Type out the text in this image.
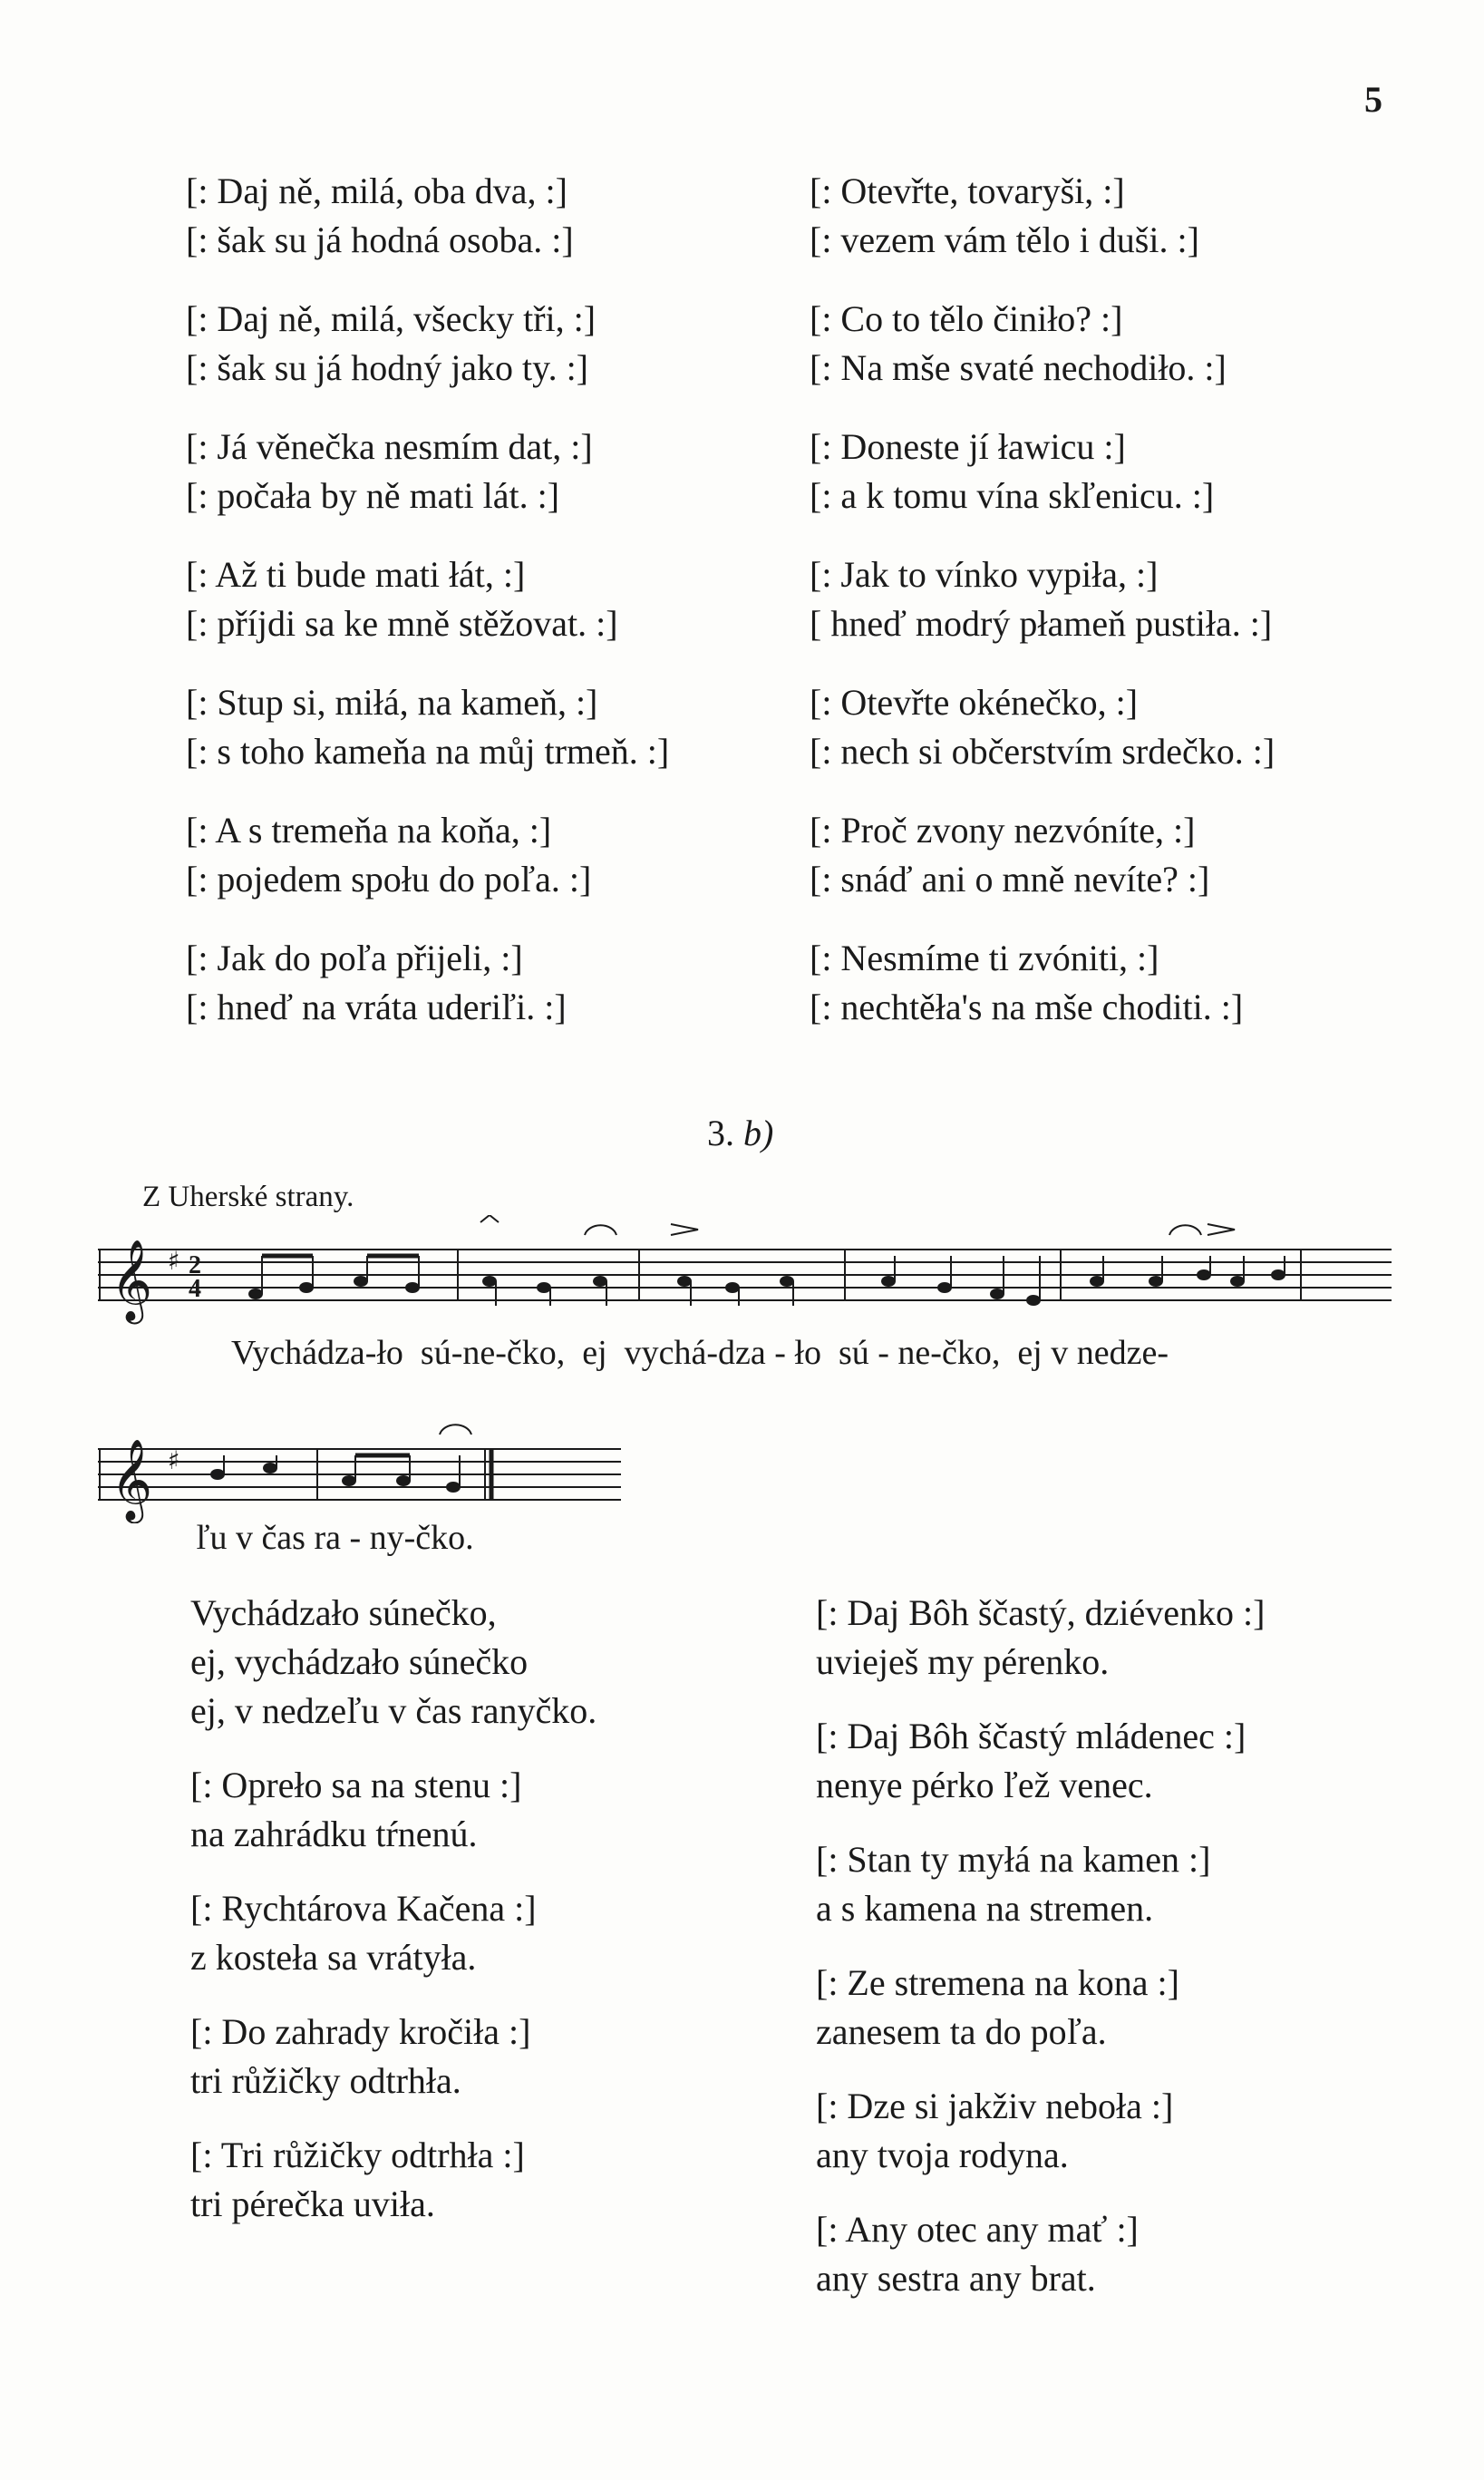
5
[: Daj ně, milá, oba dva, :]
[: šak su já hodná osoba. :]
[: Daj ně, milá, všecky tři, :]
[: šak su já hodný jako ty. :]
[: Já věnečka nesmím dat, :]
[: počała by ně mati lát. :]
[: Až ti bude mati łát, :]
[: příjdi sa ke mně stěžovat. :]
[: Stup si, miłá, na kameň, :]
[: s toho kameňa na můj trmeň. :]
[: A s tremeňa na koňa, :]
[: pojedem społu do poľa. :]
[: Jak do poľa přijeli, :]
[: hneď na vráta uderiľi. :]
[: Otevřte, tovaryši, :]
[: vezem vám tělo i duši. :]
[: Co to tělo činiło? :]
[: Na mše svaté nechodiło. :]
[: Doneste jí ławicu :]
[: a k tomu vína skľenicu. :]
[: Jak to vínko vypiła, :]
[ hneď modrý płameň pustiła. :]
[: Otevřte okénečko, :]
[: nech si občerstvím srdečko. :]
[: Proč zvony nezvóníte, :]
[: snáď ani o mně nevíte? :]
[: Nesmíme ti zvóniti, :]
[: nechtěła's na mše choditi. :]
3. b)
Z Uherské strany.
𝄞 ♯ 2
4
Vychádza-ło  sú-ne-čko,  ej  vychá-dza - ło  sú - ne-čko,  ej v nedze-
𝄞 ♯
ľu v čas ra - ny-čko.
Vychádzało súnečko,
ej, vychádzało súnečko
ej, v nedzeľu v čas ranyčko.
[: Opreło sa na stenu :]
na zahrádku tŕnenú.
[: Rychtárova Kačena :]
z kosteła sa vrátyła.
[: Do zahrady kročiła :]
tri růžičky odtrhła.
[: Tri růžičky odtrhła :]
tri pérečka uviła.
[: Daj Bôh ščastý, dziévenko :]
uvieješ my pérenko.
[: Daj Bôh ščastý mládenec :]
nenye pérko ľež venec.
[: Stan ty myłá na kamen :]
a s kamena na stremen.
[: Ze stremena na kona :]
zanesem ta do poľa.
[: Dze si jakživ neboła :]
any tvoja rodyna.
[: Any otec any mať :]
any sestra any brat.
